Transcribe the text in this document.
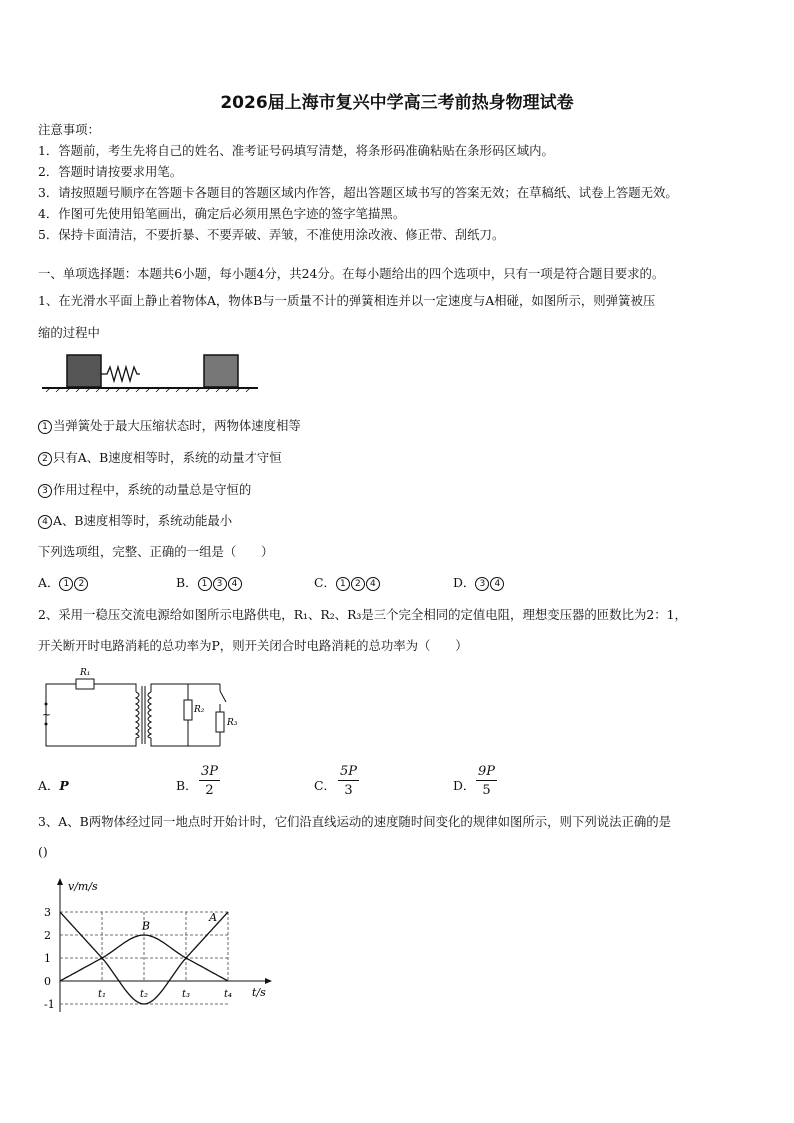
2026届上海市复兴中学高三考前热身物理试卷
注意事项：
1．答题前，考生先将自己的姓名、准考证号码填写清楚，将条形码准确粘贴在条形码区域内。
2．答题时请按要求用笔。
3．请按照题号顺序在答题卡各题目的答题区域内作答，超出答题区域书写的答案无效；在草稿纸、试卷上答题无效。
4．作图可先使用铅笔画出，确定后必须用黑色字迹的签字笔描黑。
5．保持卡面清洁，不要折暴、不要弄破、弄皱，不准使用涂改液、修正带、刮纸刀。
一、单项选择题：本题共6小题，每小题4分，共24分。在每小题给出的四个选项中，只有一项是符合题目要求的。
1、在光滑水平面上静止着物体A，物体B与一质量不计的弹簧相连并以一定速度与A相碰，如图所示，则弹簧被压
缩的过程中
1 当弹簧处于最大压缩状态时，两物体速度相等
2 只有A、B速度相等时，系统的动量才守恒
3 作用过程中，系统的动量总是守恒的
4 A、B速度相等时，系统动能最小
下列选项组，完整、正确的一组是（　　）
A． 1 2	B． 1 3 4	C． 1 2 4	D． 3 4
2、采用一稳压交流电源给如图所示电路供电，R₁、R₂、R₃是三个完全相同的定值电阻，理想变压器的匝数比为2：1，
开关断开时电路消耗的总功率为P，则开关闭合时电路消耗的总功率为（　　）
~
R₁
R₂
R₃
A．P	B． $\frac{3P}{2}$	C． $\frac{5P}{3}$	D． $\frac{9P}{5}$
3、A、B两物体经过同一地点时开始计时，它们沿直线运动的速度随时间变化的规律如图所示，则下列说法正确的是
()
v/m/s
t/s
A
B
3
2
1
0
-1
t₁	t₂	t₃	t₄
